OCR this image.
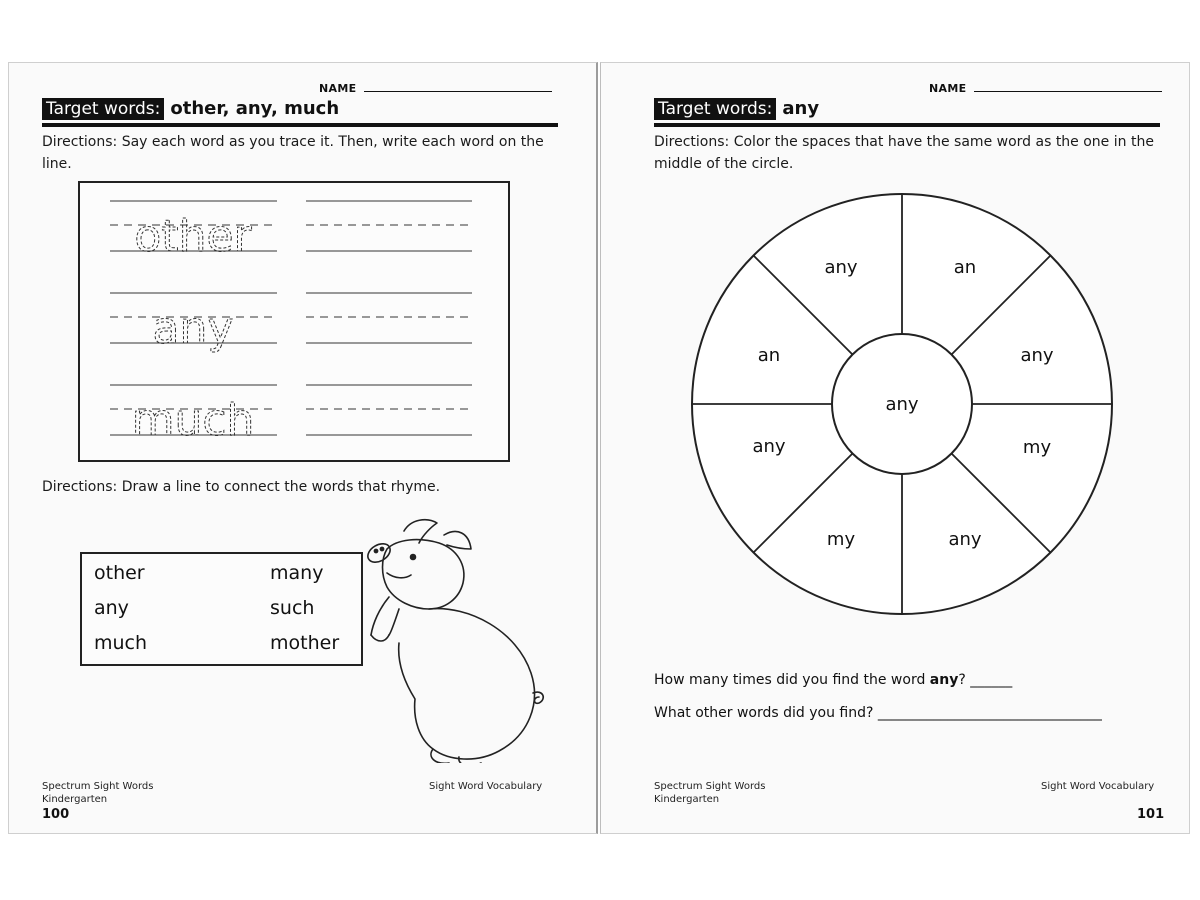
NAME
Target words: other, any, much
Directions: Say each word as you trace it. Then, write each word on the line.
other
any
much
Directions: Draw a line to connect the words that rhyme.
other
any
much
many
such
mother
Spectrum Sight Words
Kindergarten
Sight Word Vocabulary
100
NAME
Target words: any
Directions: Color the spaces that have the same word as the one in the middle of the circle.
any
an
any
my
any
my
any
an
any
How many times did you find the word any? ______
What other words did you find? ________________________________
Spectrum Sight Words
Kindergarten
Sight Word Vocabulary
101
